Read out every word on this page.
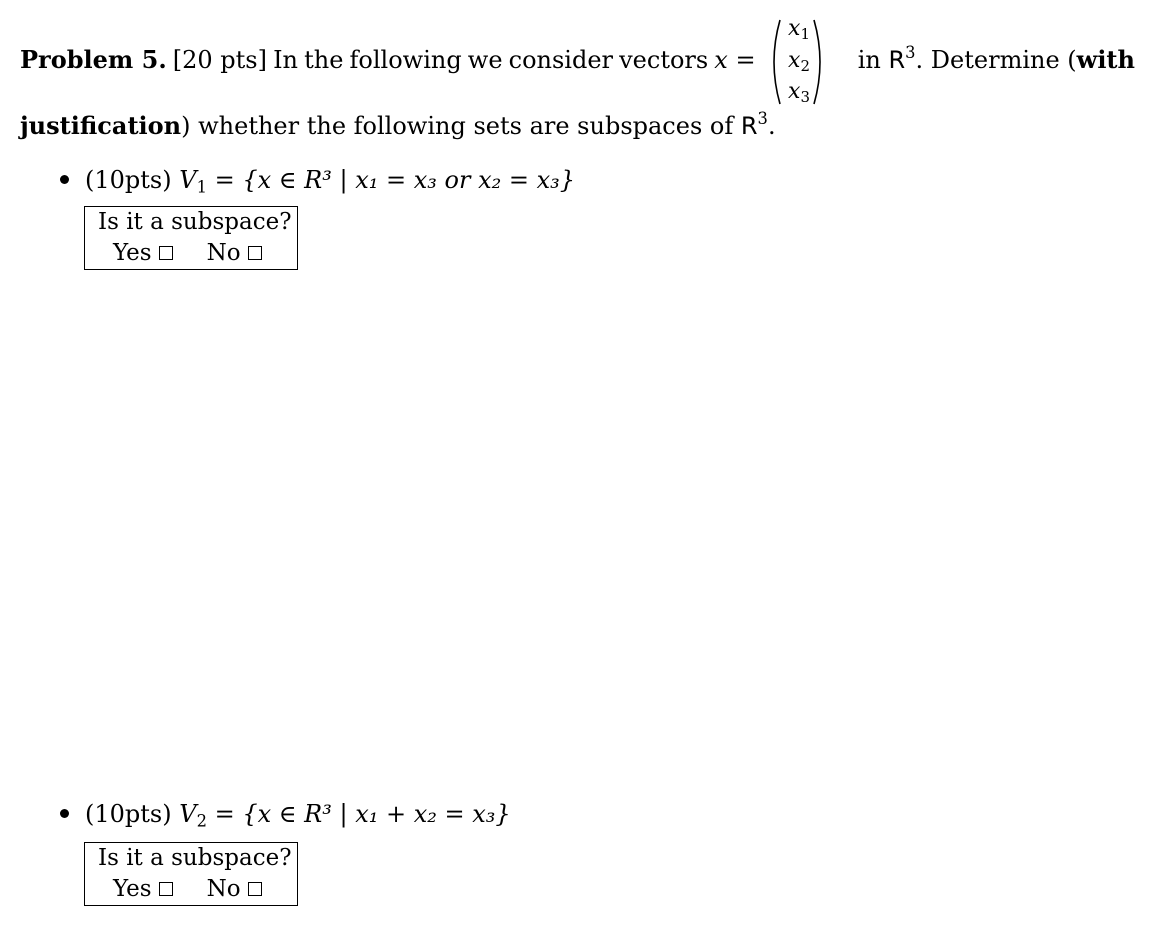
Problem 5. [20 pts] In the following we consider vectors x =	in $R^3$. Determine (with
$x_1$
$x_2$
$x_3$
justification) whether the following sets are subspaces of $R^3$.
(10pts) $V_1 = \{x$ ∈ R³ | x₁ = x₃ or x₂ = x₃}
Is it a subspace?
Yes No
(10pts) $V_2 = \{x$ ∈ R³ | x₁ + x₂ = x₃}
Is it a subspace?
Yes No
